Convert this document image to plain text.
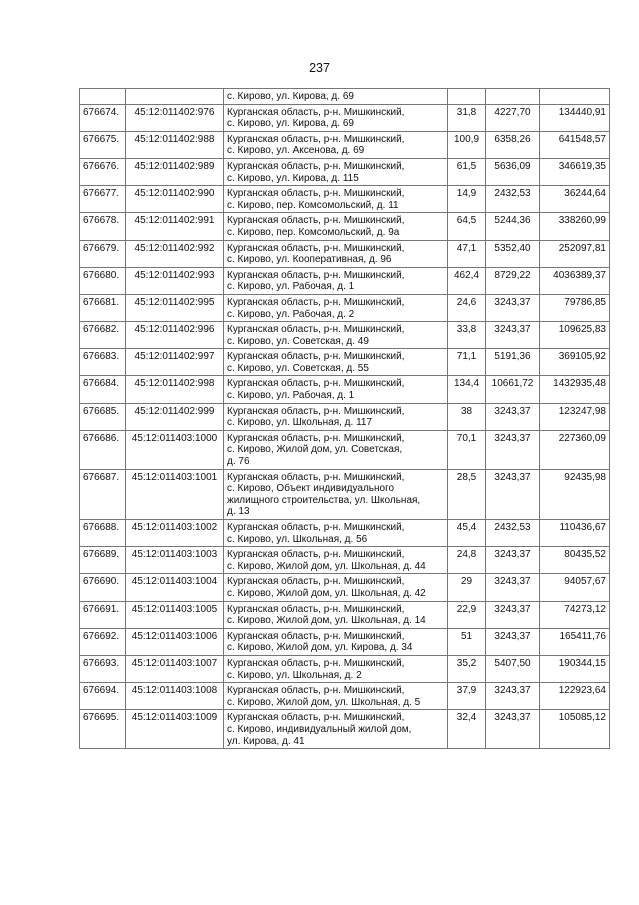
237

		с. Кирово, ул. Кирова, д. 69			

676674.	45:12:011402:976	Курганская область, р-н. Мишкинский,
с. Кирово, ул. Кирова, д. 69	31,8	4227,70	134440,91
676675.	45:12:011402:988	Курганская область, р-н. Мишкинский,
с. Кирово, ул. Аксенова, д. 69	100,9	6358,26	641548,57
676676.	45:12:011402:989	Курганская область, р-н. Мишкинский,
с. Кирово, ул. Кирова, д. 115	61,5	5636,09	346619,35
676677.	45:12:011402:990	Курганская область, р-н. Мишкинский,
с. Кирово, пер. Комсомольский, д. 11	14,9	2432,53	36244,64
676678.	45:12:011402:991	Курганская область, р-н. Мишкинский,
с. Кирово, пер. Комсомольский, д. 9а	64,5	5244,36	338260,99
676679.	45:12:011402:992	Курганская область, р-н. Мишкинский,
с. Кирово, ул. Кооперативная, д. 96	47,1	5352,40	252097,81
676680.	45:12:011402:993	Курганская область, р-н. Мишкинский,
с. Кирово, ул. Рабочая, д. 1	462,4	8729,22	4036389,37
676681.	45:12:011402:995	Курганская область, р-н. Мишкинский,
с. Кирово, ул. Рабочая, д. 2	24,6	3243,37	79786,85
676682.	45:12:011402:996	Курганская область, р-н. Мишкинский,
с. Кирово, ул. Советская, д. 49	33,8	3243,37	109625,83
676683.	45:12:011402:997	Курганская область, р-н. Мишкинский,
с. Кирово, ул. Советская, д. 55	71,1	5191,36	369105,92
676684.	45:12:011402:998	Курганская область, р-н. Мишкинский,
с. Кирово, ул. Рабочая, д. 1	134,4	10661,72	1432935,48
676685.	45:12:011402:999	Курганская область, р-н. Мишкинский,
с. Кирово, ул. Школьная, д. 117	38	3243,37	123247,98
676686.	45:12:011403:1000	Курганская область, р-н. Мишкинский,
с. Кирово, Жилой дом, ул. Советская,
д. 76	70,1	3243,37	227360,09
676687.	45:12:011403:1001	Курганская область, р-н. Мишкинский,
с. Кирово, Объект индивидуального
жилищного строительства, ул. Школьная,
д. 13	28,5	3243,37	92435,98
676688.	45:12:011403:1002	Курганская область, р-н. Мишкинский,
с. Кирово, ул. Школьная, д. 56	45,4	2432,53	110436,67
676689.	45:12:011403:1003	Курганская область, р-н. Мишкинский,
с. Кирово, Жилой дом, ул. Школьная, д. 44	24,8	3243,37	80435,52
676690.	45:12:011403:1004	Курганская область, р-н. Мишкинский,
с. Кирово, Жилой дом, ул. Школьная, д. 42	29	3243,37	94057,67
676691.	45:12:011403:1005	Курганская область, р-н. Мишкинский,
с. Кирово, Жилой дом, ул. Школьная, д. 14	22,9	3243,37	74273,12
676692.	45:12:011403:1006	Курганская область, р-н. Мишкинский,
с. Кирово, Жилой дом, ул. Кирова, д. 34	51	3243,37	165411,76
676693.	45:12:011403:1007	Курганская область, р-н. Мишкинский,
с. Кирово, ул. Школьная, д. 2	35,2	5407,50	190344,15
676694.	45:12:011403:1008	Курганская область, р-н. Мишкинский,
с. Кирово, Жилой дом, ул. Школьная, д. 5	37,9	3243,37	122923,64
676695.	45:12:011403:1009	Курганская область, р-н. Мишкинский,
с. Кирово, индивидуальный жилой дом,
ул. Кирова, д. 41	32,4	3243,37	105085,12
